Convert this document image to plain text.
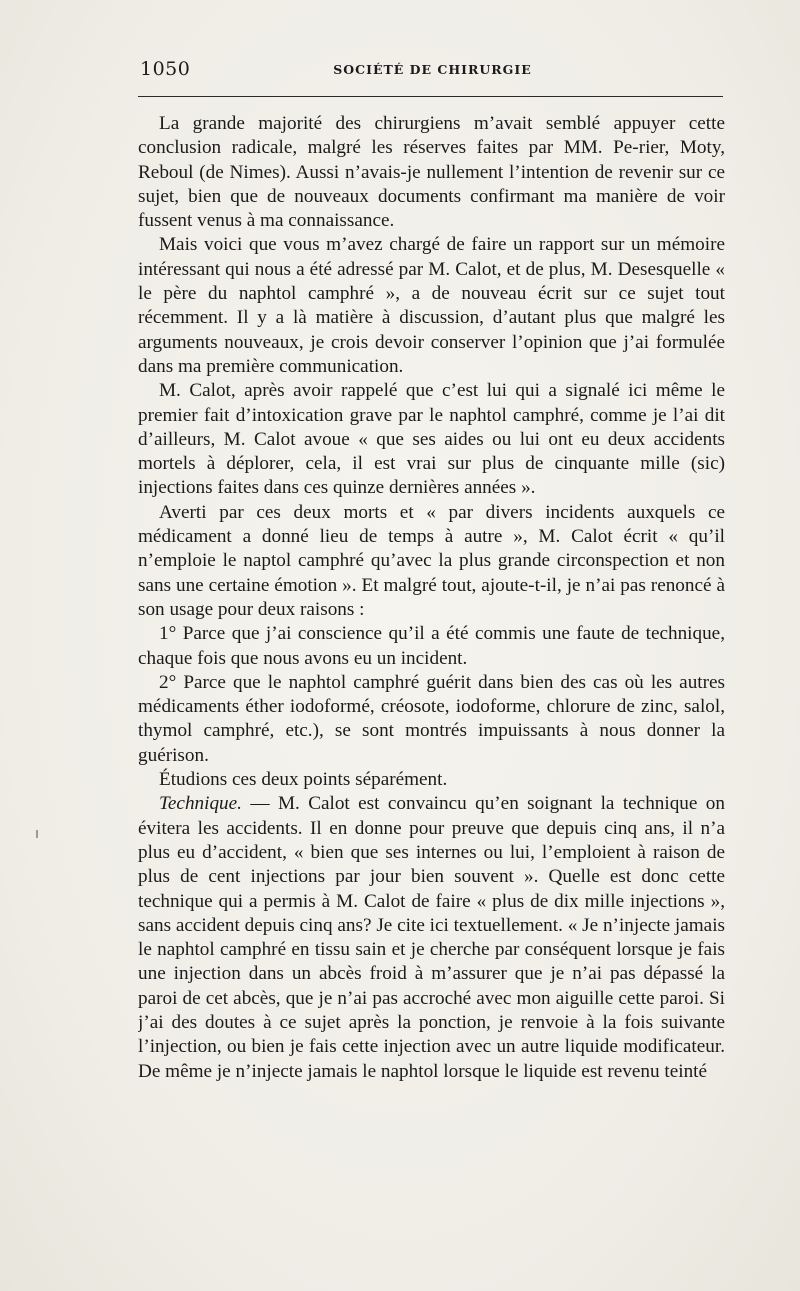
1050	SOCIÉTÉ DE CHIRURGIE

La grande majorité des chirurgiens m’avait semblé appuyer cette conclusion radicale, malgré les réserves faites par MM. Pe-rier, Moty, Reboul (de Nimes). Aussi n’avais-je nullement l’intention de revenir sur ce sujet, bien que de nouveaux documents confirmant ma manière de voir fussent venus à ma connaissance.

Mais voici que vous m’avez chargé de faire un rapport sur un mémoire intéressant qui nous a été adressé par M. Calot, et de plus, M. Desesquelle « le père du naphtol camphré », a de nouveau écrit sur ce sujet tout récemment. Il y a là matière à discussion, d’autant plus que malgré les arguments nouveaux, je crois devoir conserver l’opinion que j’ai formulée dans ma première communication.

M. Calot, après avoir rappelé que c’est lui qui a signalé ici même le premier fait d’intoxication grave par le naphtol camphré, comme je l’ai dit d’ailleurs, M. Calot avoue « que ses aides ou lui ont eu deux accidents mortels à déplorer, cela, il est vrai sur plus de cinquante mille (sic) injections faites dans ces quinze dernières années ».

Averti par ces deux morts et « par divers incidents auxquels ce médicament a donné lieu de temps à autre », M. Calot écrit « qu’il n’emploie le naptol camphré qu’avec la plus grande circonspection et non sans une certaine émotion ». Et malgré tout, ajoute-t-il, je n’ai pas renoncé à son usage pour deux raisons :

1° Parce que j’ai conscience qu’il a été commis une faute de technique, chaque fois que nous avons eu un incident.

2° Parce que le naphtol camphré guérit dans bien des cas où les autres médicaments éther iodoformé, créosote, iodoforme, chlorure de zinc, salol, thymol camphré, etc.), se sont montrés impuissants à nous donner la guérison.

Étudions ces deux points séparément.

Technique. — M. Calot est convaincu qu’en soignant la technique on évitera les accidents. Il en donne pour preuve que depuis cinq ans, il n’a plus eu d’accident, « bien que ses internes ou lui, l’emploient à raison de plus de cent injections par jour bien souvent ». Quelle est donc cette technique qui a permis à M. Calot de faire « plus de dix mille injections », sans accident depuis cinq ans? Je cite ici textuellement. « Je n’injecte jamais le naphtol camphré en tissu sain et je cherche par conséquent lorsque je fais une injection dans un abcès froid à m’assurer que je n’ai pas dépassé la paroi de cet abcès, que je n’ai pas accroché avec mon aiguille cette paroi. Si j’ai des doutes à ce sujet après la ponction, je renvoie à la fois suivante l’injection, ou bien je fais cette injection avec un autre liquide modificateur. De même je n’injecte jamais le naphtol lorsque le liquide est revenu teinté
